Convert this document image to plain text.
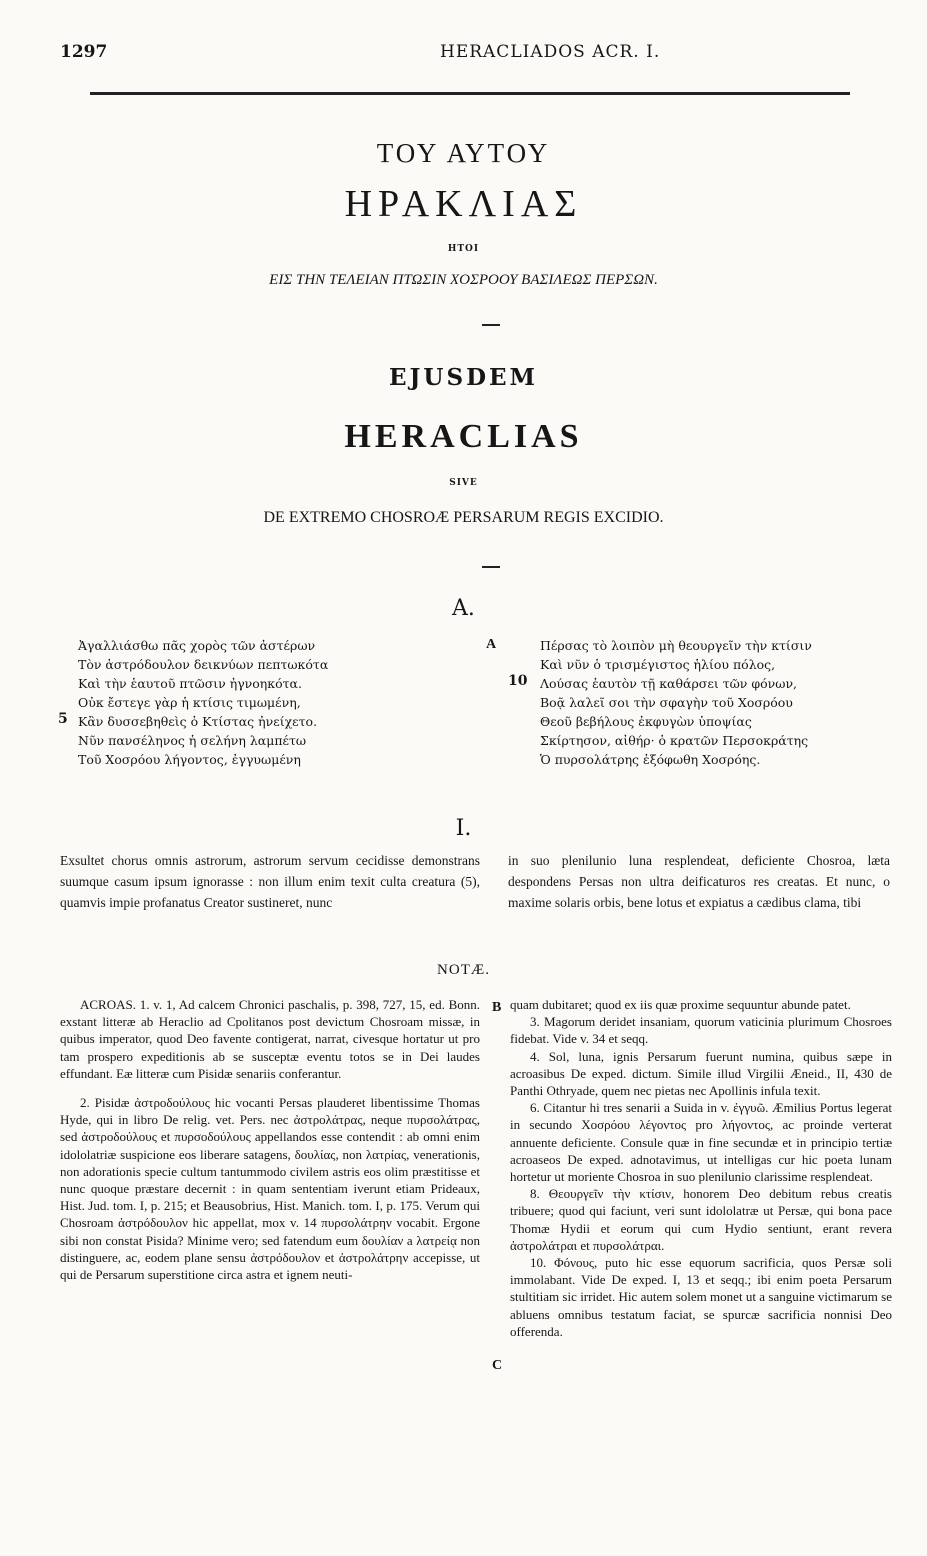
1297	HERACLIADOS ACR. I.
ΤΟΥ ΑΥΤΟΥ
ΗΡΑΚΛΙΑΣ
ΗΤΟΙ
ΕΙΣ ΤΗΝ ΤΕΛΕΙΑΝ ΠΤΩΣΙΝ ΧΟΣΡΟΟΥ ΒΑΣΙΛΕΩΣ ΠΕΡΣΩΝ.
EJUSDEM
HERACLIAS
SIVE
DE EXTREMO CHOSROÆ PERSARUM REGIS EXCIDIO.
A.
Ἀγαλλιάσθω πᾶς χορὸς τῶν ἀστέρων
Τὸν ἀστρόδουλον δεικνύων πεπτωκότα
Καὶ τὴν ἑαυτοῦ πτῶσιν ἠγνοηκότα.
Οὐκ ἔστεγε γὰρ ἡ κτίσις τιμωμένη,
Κἂν δυσσεβηθεὶς ὁ Κτίστας ἠνείχετο.
Νῦν πανσέληνος ἡ σελήνη λαμπέτω
Τοῦ Χοσρόου λήγοντος, ἐγγυωμένη
5
A	Πέρσας τὸ λοιπὸν μὴ θεουργεῖν τὴν κτίσιν
Καὶ νῦν ὁ τρισμέγιστος ἡλίου πόλος,
Λούσας ἑαυτὸν τῇ καθάρσει τῶν φόνων,
Βοᾷ λαλεῖ σοι τὴν σφαγὴν τοῦ Χοσρόου
Θεοῦ βεβήλους ἐκφυγὼν ὑποψίας
Σκίρτησον, αἰθήρ· ὁ κρατῶν Περσοκράτης
Ὁ πυρσολάτρης ἐξόφωθη Χοσρόης.
10
I.
Exsultet chorus omnis astrorum, astrorum servum cecidisse demonstrans suumque casum ipsum ignorasse : non illum enim texit culta creatura (5), quamvis impie profanatus Creator sustineret, nunc
in suo plenilunio luna resplendeat, deficiente Chosroa, læta despondens Persas non ultra deificaturos res creatas. Et nunc, o maxime solaris orbis, bene lotus et expiatus a cædibus clama, tibi
NOTÆ.
B
C

ACROAS. 1. v. 1, Ad calcem Chronici paschalis, p. 398, 727, 15, ed. Bonn. exstant litteræ ab Heraclio ad Cpolitanos post devictum Chosroam missæ, in quibus imperator, quod Deo favente contigerat, narrat, civesque hortatur ut pro tam prospero expeditionis ab se susceptæ eventu totos se in Dei laudes effundant. Eæ litteræ cum Pisidæ senariis conferantur.

2. Pisidæ ἀστροδούλους hic vocanti Persas plauderet libentissime Thomas Hyde, qui in libro De relig. vet. Pers. nec ἀστρολάτρας, neque πυρσολάτρας, sed ἀστροδούλους et πυρσοδούλους appellandos esse contendit : ab omni enim idololatriæ suspicione eos liberare satagens, δουλίας, non λατρίας, venerationis, non adorationis specie cultum tantummodo civilem astris eos olim præstitisse et nunc quoque præstare decernit : in quam sententiam iverunt etiam Prideaux, Hist. Jud. tom. I, p. 215; et Beausobrius, Hist. Manich. tom. I, p. 175. Verum qui Chosroam ἀστρόδουλον hic appellat, mox v. 14 πυρσολάτρην vocabit. Ergone sibi non constat Pisida? Minime vero; sed fatendum eum δουλίαν a λατρείᾳ non distinguere, ac, eodem plane sensu ἀστρόδουλον et ἀστρολάτρην accepisse, ut qui de Persarum superstitione circa astra et ignem neuti-

quam dubitaret; quod ex iis quæ proxime sequuntur abunde patet.

3. Magorum deridet insaniam, quorum vaticinia plurimum Chosroes fidebat. Vide v. 34 et seqq.

4. Sol, luna, ignis Persarum fuerunt numina, quibus sæpe in acroasibus De exped. dictum. Simile illud Virgilii Æneid., II, 430 de Panthi Othryade, quem nec pietas nec Apollinis infula texit.

6. Citantur hi tres senarii a Suida in v. ἐγγυῶ. Æmilius Portus legerat in secundo Χοσρόου λέγοντος pro λήγοντος, ac proinde verterat annuente deficiente. Consule quæ in fine secundæ et in principio tertiæ acroaseos De exped. adnotavimus, ut intelligas cur hic poeta lunam hortetur ut moriente Chosroa in suo plenilunio clarissime resplendeat.

8. Θεουργεῖν τὴν κτίσιν, honorem Deo debitum rebus creatis tribuere; quod qui faciunt, veri sunt idololatræ ut Persæ, qui bona pace Thomæ Hydii et eorum qui cum Hydio sentiunt, erant revera ἀστρολάτραι et πυρσολάτραι.

10. Φόνους, puto hic esse equorum sacrificia, quos Persæ soli immolabant. Vide De exped. I, 13 et seqq.; ibi enim poeta Persarum stultitiam sic irridet. Hic autem solem monet ut a sanguine victimarum se abluens omnibus testatum faciat, se spurcæ sacrificia nonnisi Deo offerenda.
